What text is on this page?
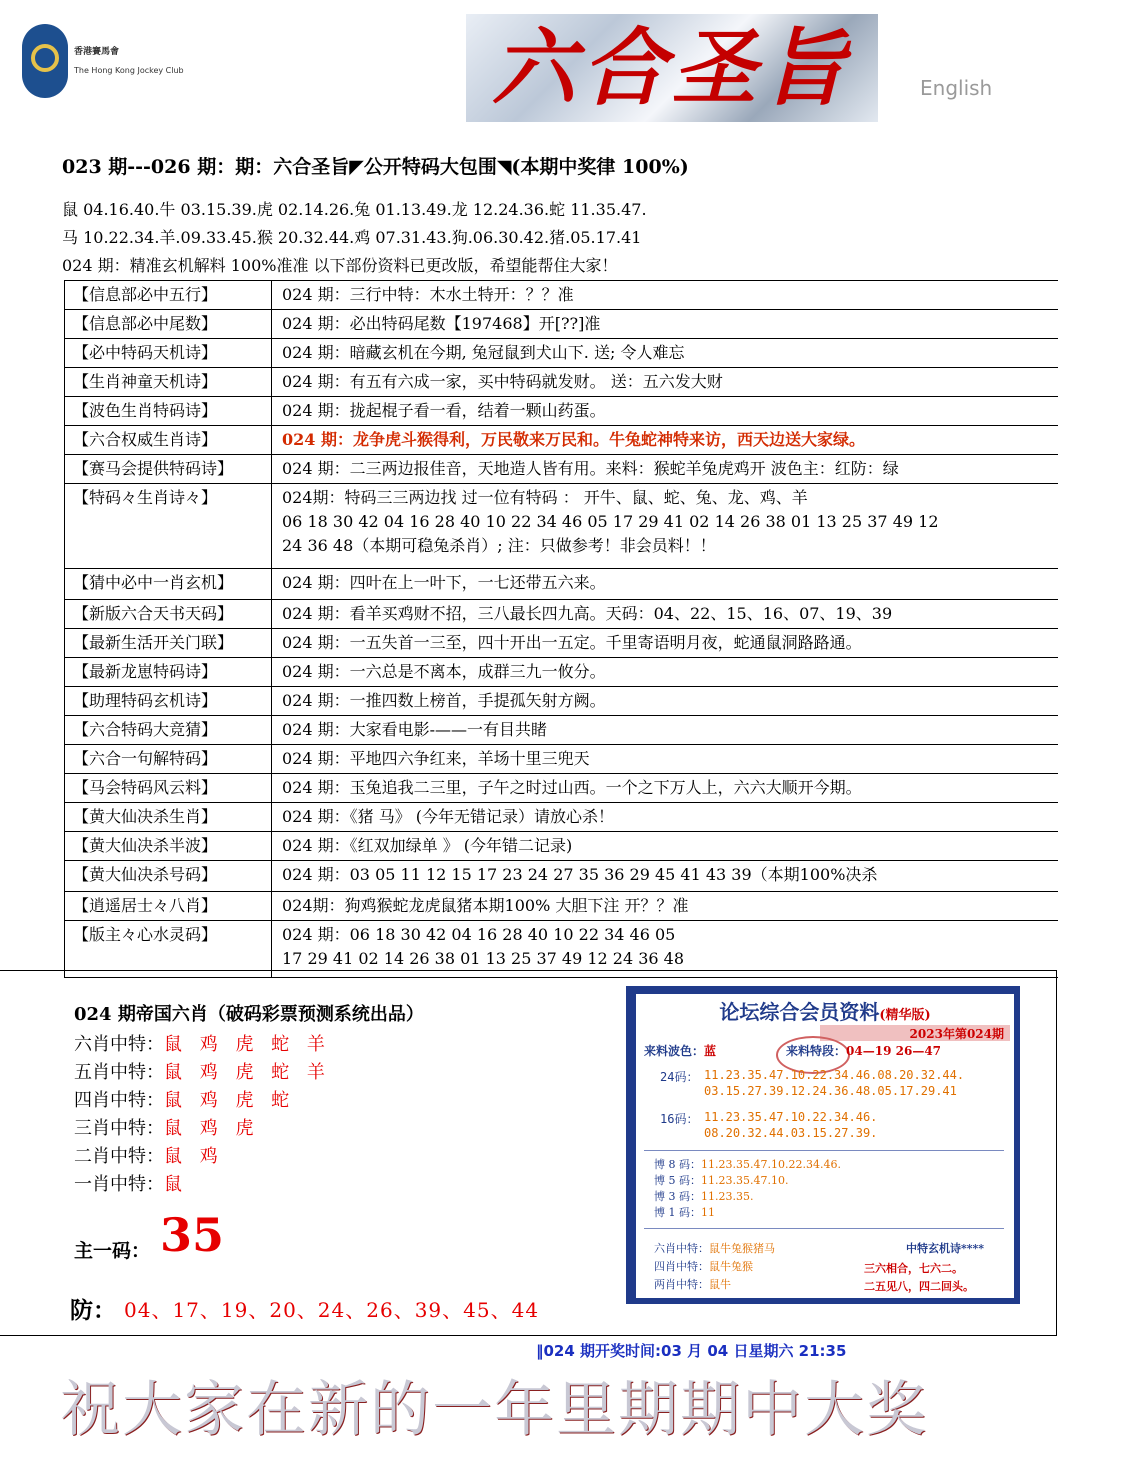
香港賽馬會
The Hong Kong Jockey Club	六合圣旨	English
023 期---026 期：期：六合圣旨◤公开特码大包围◥(本期中奖律 100%)
鼠 04.16.40.牛 03.15.39.虎 02.14.26.兔 01.13.49.龙 12.24.36.蛇 11.35.47.
马 10.22.34.羊.09.33.45.猴 20.32.44.鸡 07.31.43.狗.06.30.42.猪.05.17.41
024 期：精准玄机解料 100%准准 以下部份资料已更改版，希望能帮住大家！
【信息部必中五行】	024 期：三行中特：木水土特开：？？准
【信息部必中尾数】	024 期：必出特码尾数【197468】开[??]准
【必中特码天机诗】	024 期：暗藏玄机在今期, 兔冠鼠到犬山下. 送; 令人难忘
【生肖神童天机诗】	024 期：有五有六成一家，买中特码就发财。 送：五六发大财
【波色生肖特码诗】	024 期：拢起棍子看一看，结着一颗山药蛋。
【六合权威生肖诗】	024 期：龙争虎斗猴得利，万民敬来万民和。牛兔蛇神特来访，西天边送大家绿。
【赛马会提供特码诗】	024 期：二三两边报佳音，天地造人皆有用。来料：猴蛇羊兔虎鸡开 波色主：红防：绿
【特码々生肖诗々】	024期：特码三三两边找 过一位有特码 ： 开牛、鼠、蛇、兔、龙、鸡、羊
06 18 30 42 04 16 28 40 10 22 34 46 05 17 29 41 02 14 26 38 01 13 25 37 49 12
24 36 48（本期可稳兔杀肖）; 注：只做参考！非会员料！！
【猜中必中一肖玄机】	024 期：四叶在上一叶下，一七还带五六来。
【新版六合天书天码】	024 期：看羊买鸡财不招，三八最长四九高。天码：04、22、15、16、07、19、39
【最新生活开关门联】	024 期：一五失首一三至，四十开出一五定。千里寄语明月夜，蛇通鼠洞路路通。
【最新龙崽特码诗】	024 期：一六总是不离本，成群三九一攸分。
【助理特码玄机诗】	024 期：一推四数上榜首，手提孤矢射方阙。
【六合特码大竞猜】	024 期：大家看电影-——一有目共睹
【六合一句解特码】	024 期：平地四六争红来，羊场十里三兜天
【马会特码风云料】	024 期：玉兔追我二三里，子午之时过山西。一个之下万人上，六六大顺开今期。
【黄大仙决杀生肖】	024 期：《猪 马》 (今年无错记录）请放心杀！
【黄大仙决杀半波】	024 期：《红双加绿单 》 (今年错二记录)
【黄大仙决杀号码】	024 期：03 05 11 12 15 17 23 24 27 35 36 29 45 41 43 39（本期100%决杀
【逍遥居士々八肖】	024期：狗鸡猴蛇龙虎鼠猪本期100% 大胆下注 开？？准
【版主々心水灵码】	024 期：06 18 30 42 04 16 28 40 10 22 34 46 05
17 29 41 02 14 26 38 01 13 25 37 49 12 24 36 48
024 期帝国六肖（破码彩票预测系统出品）
六肖中特：鼠 鸡 虎 蛇 羊
五肖中特：鼠 鸡 虎 蛇 羊
四肖中特：鼠 鸡 虎 蛇
三肖中特：鼠 鸡 虎
二肖中特：鼠 鸡
一肖中特：鼠
主一码： 35
防： 04、17、19、20、24、26、39、45、44
论坛综合会员资料(精华版)
2023年第024期
来料波色：蓝	来料特段：04—19 26—47
24码： 11.23.35.47.10.22.34.46.08.20.32.44.
03.15.27.39.12.24.36.48.05.17.29.41
16码： 11.23.35.47.10.22.34.46.
08.20.32.44.03.15.27.39.
博 8 码：11.23.35.47.10.22.34.46.
博 5 码：11.23.35.47.10.
博 3 码：11.23.35.
博 1 码：11
六肖中特：鼠牛兔猴猪马
四肖中特：鼠牛兔猴
两肖中特：鼠牛
中特玄机诗****
三六相合，七六二。
二五见八，四二回头。
‖024 期开奖时间:03 月 04 日星期六 21:35
祝大家在新的一年里期期中大奖
